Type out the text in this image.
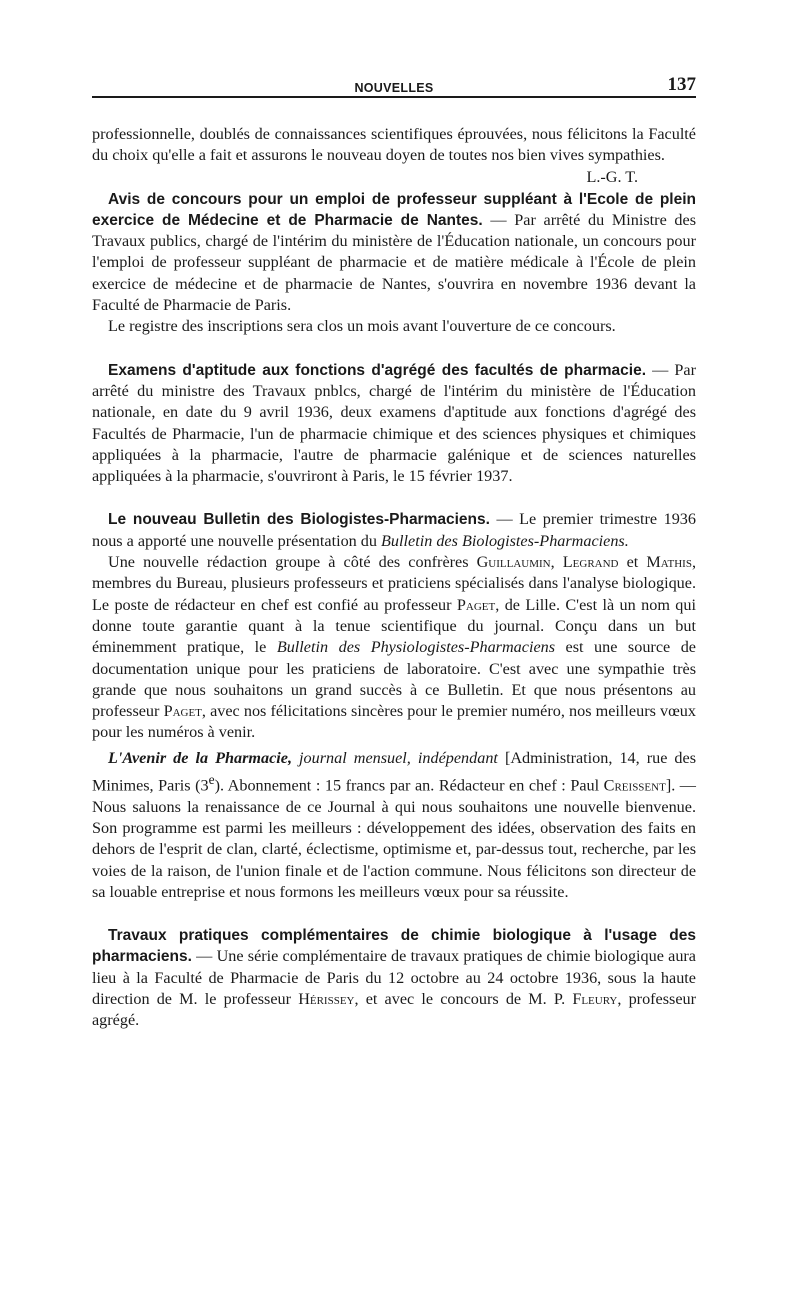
NOUVELLES	137

professionnelle, doublés de connaissances scientifiques éprouvées, nous félicitons la Faculté du choix qu'elle a fait et assurons le nouveau doyen de toutes nos bien vives sympathies.
L.-G. T.

Avis de concours pour un emploi de professeur suppléant à l'Ecole de plein exercice de Médecine et de Pharmacie de Nantes. — Par arrêté du Ministre des Travaux publics, chargé de l'intérim du ministère de l'Éducation nationale, un concours pour l'emploi de professeur suppléant de pharmacie et de matière médicale à l'École de plein exercice de médecine et de pharmacie de Nantes, s'ouvrira en novembre 1936 devant la Faculté de Pharmacie de Paris.

Le registre des inscriptions sera clos un mois avant l'ouverture de ce concours.

Examens d'aptitude aux fonctions d'agrégé des facultés de pharmacie. — Par arrêté du ministre des Travaux pnblcs, chargé de l'intérim du ministère de l'Éducation nationale, en date du 9 avril 1936, deux examens d'aptitude aux fonctions d'agrégé des Facultés de Pharmacie, l'un de pharmacie chimique et des sciences physiques et chimiques appliquées à la pharmacie, l'autre de pharmacie galénique et de sciences naturelles appliquées à la pharmacie, s'ouvriront à Paris, le 15 février 1937.

Le nouveau Bulletin des Biologistes-Pharmaciens. — Le premier trimestre 1936 nous a apporté une nouvelle présentation du Bulletin des Biologistes-Pharmaciens.

Une nouvelle rédaction groupe à côté des confrères Guillaumin, Legrand et Mathis, membres du Bureau, plusieurs professeurs et praticiens spécialisés dans l'analyse biologique. Le poste de rédacteur en chef est confié au professeur Paget, de Lille. C'est là un nom qui donne toute garantie quant à la tenue scientifique du journal. Conçu dans un but éminemment pratique, le Bulletin des Physiologistes-Pharmaciens est une source de documentation unique pour les praticiens de laboratoire. C'est avec une sympathie très grande que nous souhaitons un grand succès à ce Bulletin. Et que nous présentons au professeur Paget, avec nos félicitations sincères pour le premier numéro, nos meilleurs vœux pour les numéros à venir.

L'Avenir de la Pharmacie, journal mensuel, indépendant [Administration, 14, rue des Minimes, Paris (3e). Abonnement : 15 francs par an. Rédacteur en chef : Paul Creissent]. — Nous saluons la renaissance de ce Journal à qui nous souhaitons une nouvelle bienvenue. Son programme est parmi les meilleurs : développement des idées, observation des faits en dehors de l'esprit de clan, clarté, éclectisme, optimisme et, par-dessus tout, recherche, par les voies de la raison, de l'union finale et de l'action commune. Nous félicitons son directeur de sa louable entreprise et nous formons les meilleurs vœux pour sa réussite.

Travaux pratiques complémentaires de chimie biologique à l'usage des pharmaciens. — Une série complémentaire de travaux pratiques de chimie biologique aura lieu à la Faculté de Pharmacie de Paris du 12 octobre au 24 octobre 1936, sous la haute direction de M. le professeur Hérissey, et avec le concours de M. P. Fleury, professeur agrégé.
